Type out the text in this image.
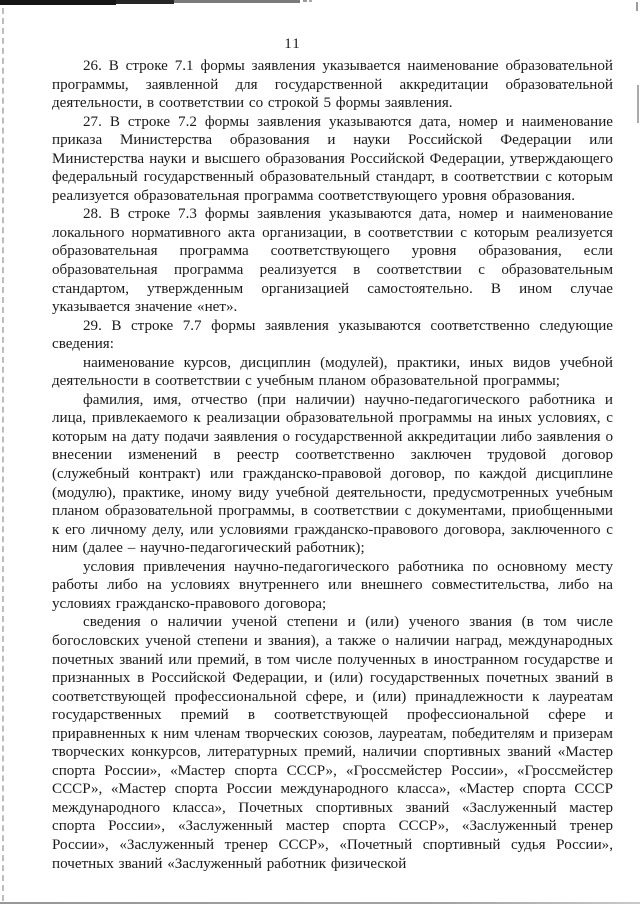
11

26. В строке 7.1 формы заявления указывается наименование образовательной программы, заявленной для государственной аккредитации образовательной деятельности, в соответствии со строкой 5 формы заявления.

27. В строке 7.2 формы заявления указываются дата, номер и наименование приказа Министерства образования и науки Российской Федерации или Министерства науки и высшего образования Российской Федерации, утверждающего федеральный государственный образовательный стандарт, в соответствии с которым реализуется образовательная программа соответствующего уровня образования.

28. В строке 7.3 формы заявления указываются дата, номер и наименование локального нормативного акта организации, в соответствии с которым реализуется образовательная программа соответствующего уровня образования, если образовательная программа реализуется в соответствии с образовательным стандартом, утвержденным организацией самостоятельно. В ином случае указывается значение «нет».

29. В строке 7.7 формы заявления указываются соответственно следующие сведения:

наименование курсов, дисциплин (модулей), практики, иных видов учебной деятельности в соответствии с учебным планом образовательной программы;

фамилия, имя, отчество (при наличии) научно-педагогического работника и лица, привлекаемого к реализации образовательной программы на иных условиях, с которым на дату подачи заявления о государственной аккредитации либо заявления о внесении изменений в реестр соответственно заключен трудовой договор (служебный контракт) или гражданско-правовой договор, по каждой дисциплине (модулю), практике, иному виду учебной деятельности, предусмотренных учебным планом образовательной программы, в соответствии с документами, приобщенными к его личному делу, или условиями гражданско-правового договора, заключенного с ним (далее – научно-педагогический работник);

условия привлечения научно-педагогического работника по основному месту работы либо на условиях внутреннего или внешнего совместительства, либо на условиях гражданско-правового договора;

сведения о наличии ученой степени и (или) ученого звания (в том числе богословских ученой степени и звания), а также о наличии наград, международных почетных званий или премий, в том числе полученных в иностранном государстве и признанных в Российской Федерации, и (или) государственных почетных званий в соответствующей профессиональной сфере, и (или) принадлежности к лауреатам государственных премий в соответствующей профессиональной сфере и приравненных к ним членам творческих союзов, лауреатам, победителям и призерам творческих конкурсов, литературных премий, наличии спортивных званий «Мастер спорта России», «Мастер спорта СССР», «Гроссмейстер России», «Гроссмейстер СССР», «Мастер спорта России международного класса», «Мастер спорта СССР международного класса», Почетных спортивных званий «Заслуженный мастер спорта России», «Заслуженный мастер спорта СССР», «Заслуженный тренер России», «Заслуженный тренер СССР», «Почетный спортивный судья России», почетных званий «Заслуженный работник физической
